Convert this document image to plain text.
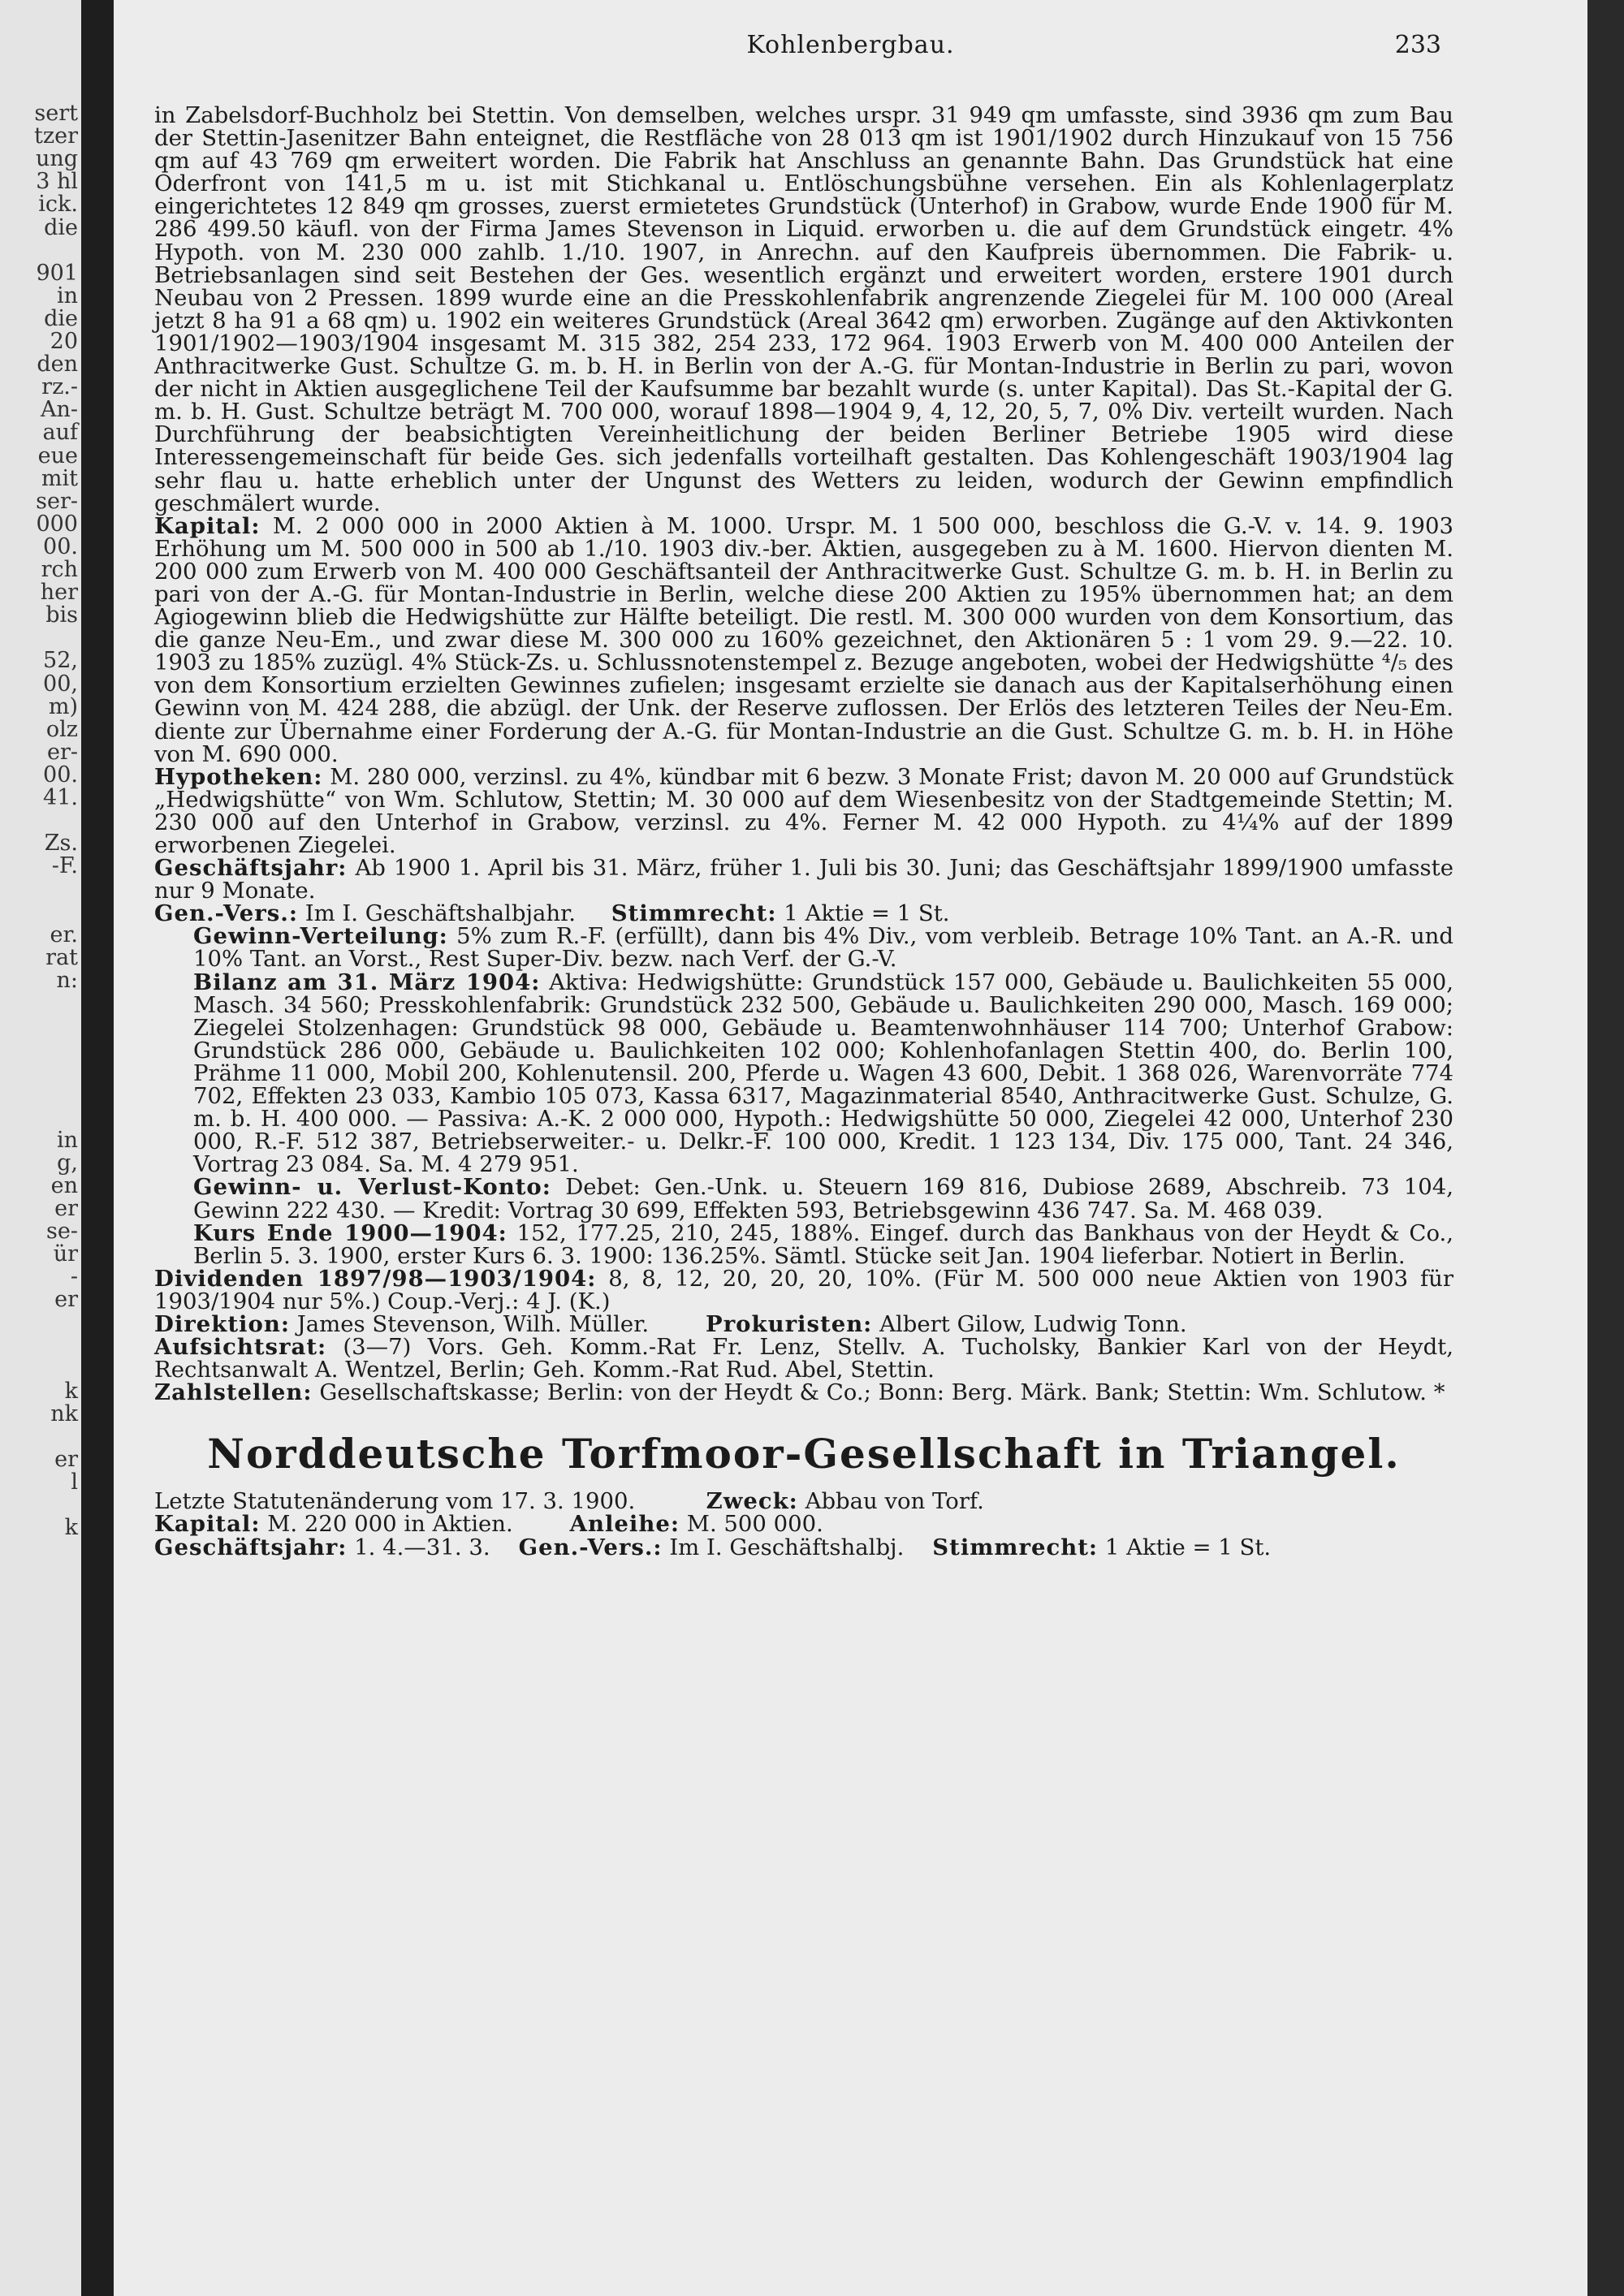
sert
tzer
ung
3 hl
ick.
die
901
in
die
20
den
rz.-
An-
auf
eue
mit
ser-
000
00.
rch
her
bis
52,
00,
m)
olz
er-
00.
41.
Zs.
-F.
er.
rat
n:
in
g,
en
er
se-
ür
-
er
k
nk
er
l
k
Kohlenbergbau.	233

in Zabelsdorf-Buchholz bei Stettin. Von demselben, welches urspr. 31 949 qm umfasste, sind 3936 qm zum Bau der Stettin-Jasenitzer Bahn enteignet, die Restfläche von 28 013 qm ist 1901/1902 durch Hinzukauf von 15 756 qm auf 43 769 qm erweitert worden. Die Fabrik hat Anschluss an genannte Bahn. Das Grundstück hat eine Oderfront von 141,5 m u. ist mit Stichkanal u. Entlöschungsbühne versehen. Ein als Kohlenlagerplatz eingerichtetes 12 849 qm grosses, zuerst ermietetes Grundstück (Unterhof) in Grabow, wurde Ende 1900 für M. 286 499.50 käufl. von der Firma James Stevenson in Liquid. erworben u. die auf dem Grundstück eingetr. 4% Hypoth. von M. 230 000 zahlb. 1./10. 1907, in Anrechn. auf den Kaufpreis übernommen. Die Fabrik- u. Betriebsanlagen sind seit Bestehen der Ges. wesentlich ergänzt und erweitert worden, erstere 1901 durch Neubau von 2 Pressen. 1899 wurde eine an die Presskohlenfabrik angrenzende Ziegelei für M. 100 000 (Areal jetzt 8 ha 91 a 68 qm) u. 1902 ein weiteres Grundstück (Areal 3642 qm) erworben. Zugänge auf den Aktivkonten 1901/1902—1903/1904 insgesamt M. 315 382, 254 233, 172 964. 1903 Erwerb von M. 400 000 Anteilen der Anthracitwerke Gust. Schultze G. m. b. H. in Berlin von der A.-G. für Montan-Industrie in Berlin zu pari, wovon der nicht in Aktien ausgeglichene Teil der Kaufsumme bar bezahlt wurde (s. unter Kapital). Das St.-Kapital der G. m. b. H. Gust. Schultze beträgt M. 700 000, worauf 1898—1904 9, 4, 12, 20, 5, 7, 0% Div. verteilt wurden. Nach Durchführung der beabsichtigten Vereinheitlichung der beiden Berliner Betriebe 1905 wird diese Interessengemeinschaft für beide Ges. sich jedenfalls vorteilhaft gestalten. Das Kohlengeschäft 1903/1904 lag sehr flau u. hatte erheblich unter der Ungunst des Wetters zu leiden, wodurch der Gewinn empfindlich geschmälert wurde.

Kapital: M. 2 000 000 in 2000 Aktien à M. 1000. Urspr. M. 1 500 000, beschloss die G.-V. v. 14. 9. 1903 Erhöhung um M. 500 000 in 500 ab 1./10. 1903 div.-ber. Aktien, ausgegeben zu à M. 1600. Hiervon dienten M. 200 000 zum Erwerb von M. 400 000 Geschäftsanteil der Anthracitwerke Gust. Schultze G. m. b. H. in Berlin zu pari von der A.-G. für Montan-Industrie in Berlin, welche diese 200 Aktien zu 195% übernommen hat; an dem Agiogewinn blieb die Hedwigshütte zur Hälfte beteiligt. Die restl. M. 300 000 wurden von dem Konsortium, das die ganze Neu-Em., und zwar diese M. 300 000 zu 160% gezeichnet, den Aktionären 5 : 1 vom 29. 9.—22. 10. 1903 zu 185% zuzügl. 4% Stück-Zs. u. Schlussnotenstempel z. Bezuge angeboten, wobei der Hedwigshütte ⁴/₅ des von dem Konsortium erzielten Gewinnes zufielen; insgesamt erzielte sie danach aus der Kapitalserhöhung einen Gewinn von M. 424 288, die abzügl. der Unk. der Reserve zuflossen. Der Erlös des letzteren Teiles der Neu-Em. diente zur Übernahme einer Forderung der A.-G. für Montan-Industrie an die Gust. Schultze G. m. b. H. in Höhe von M. 690 000.

Hypotheken: M. 280 000, verzinsl. zu 4%, kündbar mit 6 bezw. 3 Monate Frist; davon M. 20 000 auf Grundstück „Hedwigshütte“ von Wm. Schlutow, Stettin; M. 30 000 auf dem Wiesenbesitz von der Stadtgemeinde Stettin; M. 230 000 auf den Unterhof in Grabow, verzinsl. zu 4%. Ferner M. 42 000 Hypoth. zu 4¼% auf der 1899 erworbenen Ziegelei.

Geschäftsjahr: Ab 1900 1. April bis 31. März, früher 1. Juli bis 30. Juni; das Geschäftsjahr 1899/1900 umfasste nur 9 Monate.

Gen.-Vers.: Im I. Geschäftshalbjahr. Stimmrecht: 1 Aktie = 1 St.

Gewinn-Verteilung: 5% zum R.-F. (erfüllt), dann bis 4% Div., vom verbleib. Betrage 10% Tant. an A.-R. und 10% Tant. an Vorst., Rest Super-Div. bezw. nach Verf. der G.-V.

Bilanz am 31. März 1904: Aktiva: Hedwigshütte: Grundstück 157 000, Gebäude u. Baulichkeiten 55 000, Masch. 34 560; Presskohlenfabrik: Grundstück 232 500, Gebäude u. Baulichkeiten 290 000, Masch. 169 000; Ziegelei Stolzenhagen: Grundstück 98 000, Gebäude u. Beamtenwohnhäuser 114 700; Unterhof Grabow: Grundstück 286 000, Gebäude u. Baulichkeiten 102 000; Kohlenhofanlagen Stettin 400, do. Berlin 100, Prähme 11 000, Mobil 200, Kohlenutensil. 200, Pferde u. Wagen 43 600, Debit. 1 368 026, Warenvorräte 774 702, Effekten 23 033, Kambio 105 073, Kassa 6317, Magazinmaterial 8540, Anthracitwerke Gust. Schulze, G. m. b. H. 400 000. — Passiva: A.-K. 2 000 000, Hypoth.: Hedwigshütte 50 000, Ziegelei 42 000, Unterhof 230 000, R.-F. 512 387, Betriebserweiter.- u. Delkr.-F. 100 000, Kredit. 1 123 134, Div. 175 000, Tant. 24 346, Vortrag 23 084. Sa. M. 4 279 951.

Gewinn- u. Verlust-Konto: Debet: Gen.-Unk. u. Steuern 169 816, Dubiose 2689, Abschreib. 73 104, Gewinn 222 430. — Kredit: Vortrag 30 699, Effekten 593, Betriebsgewinn 436 747. Sa. M. 468 039.

Kurs Ende 1900—1904: 152, 177.25, 210, 245, 188%. Eingef. durch das Bankhaus von der Heydt & Co., Berlin 5. 3. 1900, erster Kurs 6. 3. 1900: 136.25%. Sämtl. Stücke seit Jan. 1904 lieferbar. Notiert in Berlin.

Dividenden 1897/98—1903/1904: 8, 8, 12, 20, 20, 20, 10%. (Für M. 500 000 neue Aktien von 1903 für 1903/1904 nur 5%.) Coup.-Verj.: 4 J. (K.)

Direktion: James Stevenson, Wilh. Müller.	Prokuristen: Albert Gilow, Ludwig Tonn.

Aufsichtsrat: (3—7) Vors. Geh. Komm.-Rat Fr. Lenz, Stellv. A. Tucholsky, Bankier Karl von der Heydt, Rechtsanwalt A. Wentzel, Berlin; Geh. Komm.-Rat Rud. Abel, Stettin.

Zahlstellen: Gesellschaftskasse; Berlin: von der Heydt & Co.; Bonn: Berg. Märk. Bank; Stettin: Wm. Schlutow. *

Norddeutsche Torfmoor-Gesellschaft in Triangel.

Letzte Statutenänderung vom 17. 3. 1900.	Zweck: Abbau von Torf.

Kapital: M. 220 000 in Aktien.	Anleihe: M. 500 000.

Geschäftsjahr: 1. 4.—31. 3. Gen.-Vers.: Im I. Geschäftshalbj. Stimmrecht: 1 Aktie = 1 St.
